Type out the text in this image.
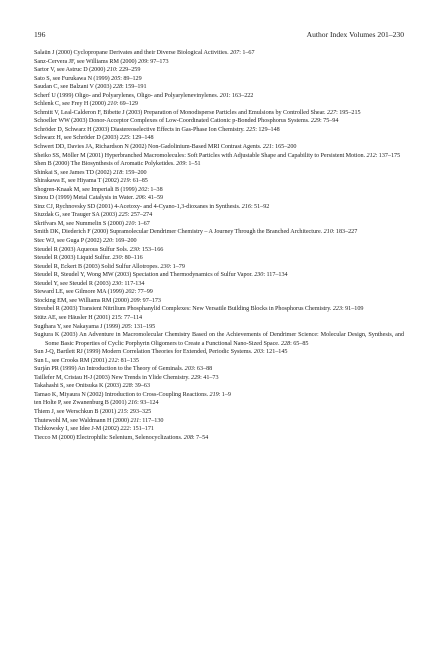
196	Author Index Volumes 201–230
Salaün J (2000) Cyclopropane Derivates and their Diverse Biological Activities. 207: 1–67
Sanz-Cervera JF, see Williams RM (2000) 209: 97–173
Sartor V, see Astruc D (2000) 210: 229–259
Sato S, see Furukawa N (1999) 205: 89–129
Saudan C, see Balzani V (2003) 228: 159–191
Scherf U (1999) Oligo- and Polyarylenes, Oligo- and Polyarylenevinylenes. 201: 163–222
Schlenk C, see Frey H (2000) 210: 69–129
Schmitt V, Leal-Calderon F, Bibette J (2003) Preparation of Monodisperse Particles and Emulsions by Controlled Shear. 227: 195–215
Schoeller WW (2003) Donor-Acceptor Complexes of Low-Coordinated Cationic p-Bonded Phosphorus Systems. 229: 75–94
Schröder D, Schwarz H (2003) Diastereoselective Effects in Gas-Phase Ion Chemistry. 225: 129–148
Schwarz H, see Schröder D (2003) 225: 129–148
Schwert DD, Davies JA, Richardson N (2002) Non-Gadolinium-Based MRI Contrast Agents. 221: 165–200
Sheiko SS, Möller M (2001) Hyperbranched Macromolecules: Soft Particles with Adjustable Shape and Capability to Persistent Motion. 212: 137–175
Shen B (2000) The Biosynthesis of Aromatic Polyketides. 209: 1–51
Shinkai S, see James TD (2002) 218: 159–200
Shirakawa E, see Hiyama T (2002) 219: 61–85
Shogren-Knaak M, see Imperiali B (1999) 202: 1–38
Sinou D (1999) Metal Catalysis in Water. 206: 41–59
Sinz CJ, Rychnovsky SD (2001) 4-Acetoxy- and 4-Cyano-1,3-dioxanes in Synthesis. 216: 51–92
Siuzdak G, see Trauger SA (2003) 225: 257–274
Skrifvars M, see Nummelin S (2000) 210: 1–67
Smith DK, Diederich F (2000) Supramolecular Dendrimer Chemistry – A Journey Through the Branched Architecture. 210: 183–227
Stec WJ, see Guga P (2002) 220: 169–200
Steudel R (2003) Aqueous Sulfur Sols. 230: 153–166
Steudel R (2003) Liquid Sulfur. 230: 80–116
Steudel R, Eckert B (2003) Solid Sulfur Allotropes. 230: 1–79
Steudel R, Steudel Y, Wong MW (2003) Speciation and Thermodynamics of Sulfur Vapor. 230: 117–134
Steudel Y, see Steudel R (2003) 230: 117-134
Steward LE, see Gilmore MA (1999) 202: 77–99
Stocking EM, see Williams RM (2000) 209: 97–173
Streubel R (2003) Transient Nitrilium Phosphanylid Complexes: New Versatile Building Blocks in Phosphorus Chemistry. 223: 91–109
Stütz AE, see Häusler H (2001) 215: 77–114
Sugihara Y, see Nakayama J (1999) 205: 131–195
Sugiura K (2003) An Adventure in Macromolecular Chemistry Based on the Achievements of Dendrimer Science: Molecular Design, Synthesis, and Some Basic Properties of Cyclic Porphyrin Oligomers to Create a Functional Nano-Sized Space. 228: 65–85
Sun J-Q, Bartlett RJ (1999) Modern Correlation Theories for Extended, Periodic Systems. 203: 121–145
Sun L, see Crooks RM (2001) 212: 81–135
Surján PR (1999) An Introduction to the Theory of Geminals. 203: 63–88
Taillefer M, Cristau H-J (2003) New Trends in Ylide Chemistry. 229: 41–73
Takahashi S, see Onitsuka K (2003) 228: 39–63
Tamao K, Miyaura N (2002) Introduction to Cross-Coupling Reactions. 219: 1–9
ten Holte P, see Zwanenburg B (2001) 216: 93–124
Thiem J, see Werschkun B (2001) 215: 293–325
Thutewohl M, see Waldmann H (2000) 211: 117–130
Tichkowsky I, see Idee J-M (2002) 222: 151–171
Tiecco M (2000) Electrophilic Selenium, Selenocyclizations. 208: 7–54
